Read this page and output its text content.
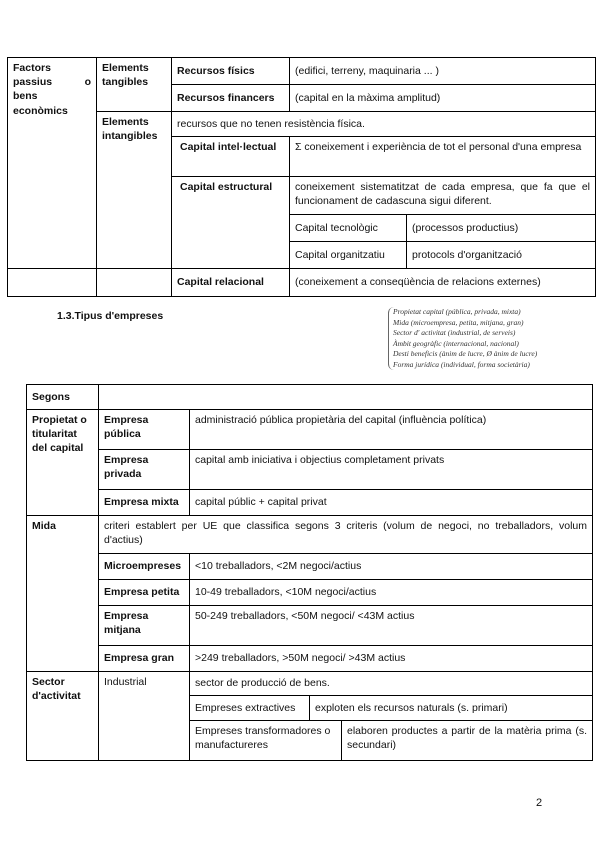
Factors
passius o
bens
econòmics	Elements tangibles	Recursos físics	(edifici, terreny, maquinaria ... )	
		Recursos financers	(capital en la màxima amplitud)	
	Elements intangibles	recursos que no tenen resistència física.		
		Capital intel·lectual	Σ coneixement i experiència de tot el personal d'una empresa	
		Capital estructural	coneixement sistematitzat de cada empresa, que fa que el funcionament de cadascuna sigui diferent.	
			Capital tecnològic	(processos productius)
			Capital organitzatiu	protocols d'organització
		Capital relacional	(coneixement a conseqüència de relacions externes)	
1.3.Tipus d'empreses	Propietat capital (pública, privada, mixta)
Mida (microempresa, petita, mitjana, gran)
Sector d' activitat (industrial, de serveis)
Àmbit geogràfic (internacional, nacional)
Desti beneficis (ànim de lucre, Ø ànim de lucre)
Forma jurídica (individual, forma societària)
Segons				
Propietat o titularitat del capital	Empresa pública	administració pública propietària del capital (influència política)		
	Empresa privada	capital amb iniciativa i objectius completament privats		
	Empresa mixta	capital públic + capital privat		
Mida	criteri establert per UE que classifica segons 3 criteris (volum de negoci, no treballadors, volum d'actius)			
	Microempreses	<10 treballadors, <2M negoci/actius		
	Empresa petita	10-49 treballadors, <10M negoci/actius		
	Empresa mitjana	50-249 treballadors, <50M negoci/ <43M actius		
	Empresa gran	>249 treballadors, >50M negoci/ >43M actius		
Sector d'activitat	Industrial	sector de producció de bens.		
		Empreses extractives	exploten els recursos naturals (s. primari)	
		Empreses transformadores o manufactureres		elaboren productes a partir de la matèria prima (s. secundari)
2
